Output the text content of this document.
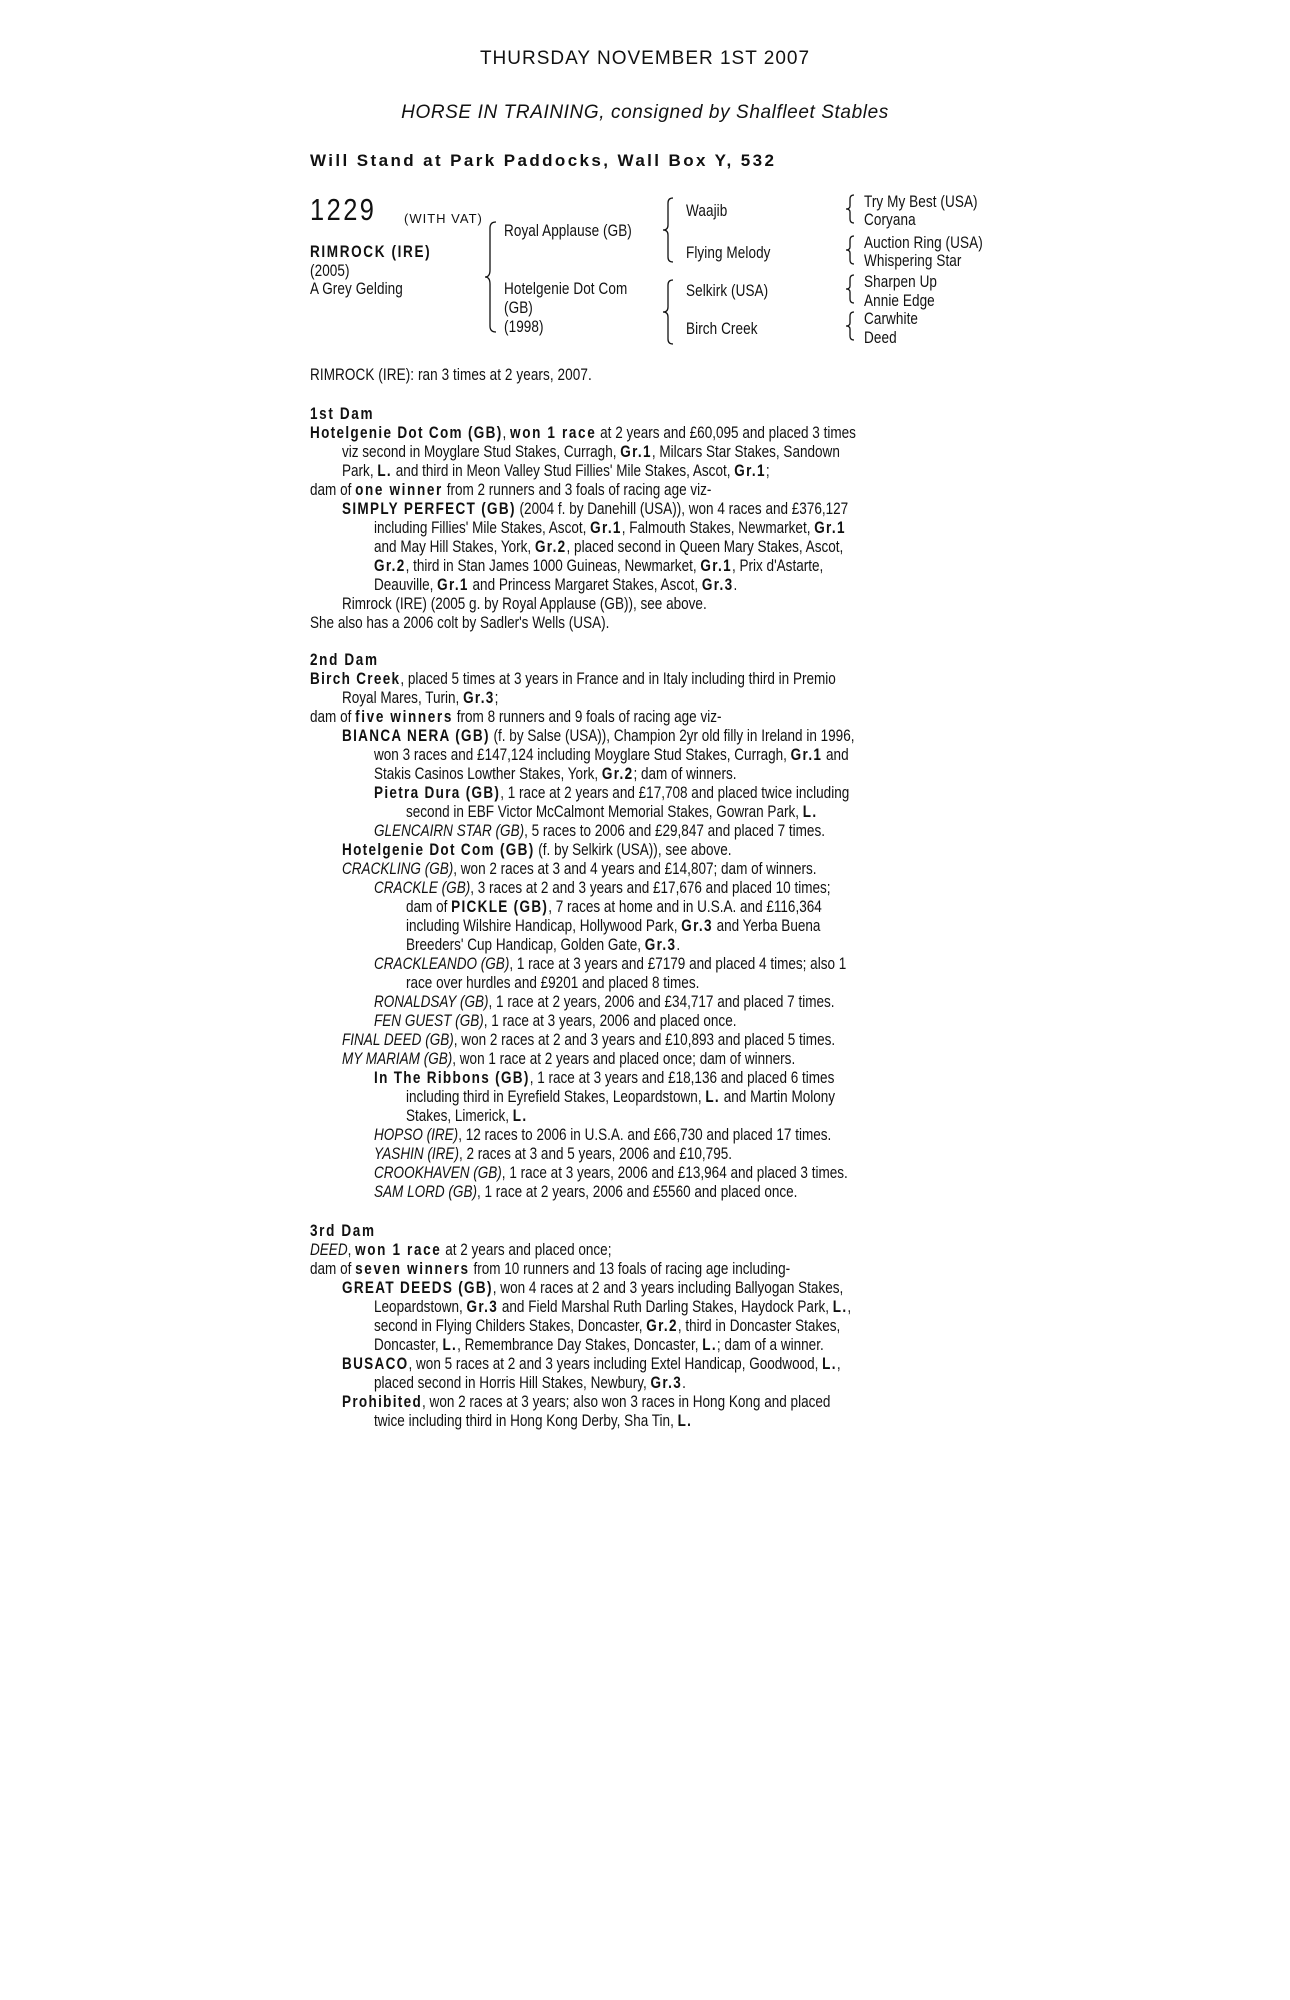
THURSDAY NOVEMBER 1ST 2007
HORSE IN TRAINING, consigned by Shalfleet Stables
Will Stand at Park Paddocks, Wall Box Y, 532
1229 (WITH VAT)
RIMROCK (IRE)
(2005)
A Grey Gelding
Royal Applause (GB)
Hotelgenie Dot Com
(GB)
(1998)
Waajib
Flying Melody
Selkirk (USA)
Birch Creek
Try My Best (USA)
Coryana
Auction Ring (USA)
Whispering Star
Sharpen Up
Annie Edge
Carwhite
Deed
RIMROCK (IRE): ran 3 times at 2 years, 2007.
1st Dam
Hotelgenie Dot Com (GB), won 1 race at 2 years and £60,095 and placed 3 times
viz second in Moyglare Stud Stakes, Curragh, Gr.1, Milcars Star Stakes, Sandown
Park, L. and third in Meon Valley Stud Fillies' Mile Stakes, Ascot, Gr.1;
dam of one winner from 2 runners and 3 foals of racing age viz-
SIMPLY PERFECT (GB) (2004 f. by Danehill (USA)), won 4 races and £376,127
including Fillies' Mile Stakes, Ascot, Gr.1, Falmouth Stakes, Newmarket, Gr.1
and May Hill Stakes, York, Gr.2, placed second in Queen Mary Stakes, Ascot,
Gr.2, third in Stan James 1000 Guineas, Newmarket, Gr.1, Prix d'Astarte,
Deauville, Gr.1 and Princess Margaret Stakes, Ascot, Gr.3.
Rimrock (IRE) (2005 g. by Royal Applause (GB)), see above.
She also has a 2006 colt by Sadler's Wells (USA).
2nd Dam
Birch Creek, placed 5 times at 3 years in France and in Italy including third in Premio
Royal Mares, Turin, Gr.3;
dam of five winners from 8 runners and 9 foals of racing age viz-
BIANCA NERA (GB) (f. by Salse (USA)), Champion 2yr old filly in Ireland in 1996,
won 3 races and £147,124 including Moyglare Stud Stakes, Curragh, Gr.1 and
Stakis Casinos Lowther Stakes, York, Gr.2; dam of winners.
Pietra Dura (GB), 1 race at 2 years and £17,708 and placed twice including
second in EBF Victor McCalmont Memorial Stakes, Gowran Park, L.
GLENCAIRN STAR (GB), 5 races to 2006 and £29,847 and placed 7 times.
Hotelgenie Dot Com (GB) (f. by Selkirk (USA)), see above.
CRACKLING (GB), won 2 races at 3 and 4 years and £14,807; dam of winners.
CRACKLE (GB), 3 races at 2 and 3 years and £17,676 and placed 10 times;
dam of PICKLE (GB), 7 races at home and in U.S.A. and £116,364
including Wilshire Handicap, Hollywood Park, Gr.3 and Yerba Buena
Breeders' Cup Handicap, Golden Gate, Gr.3.
CRACKLEANDO (GB), 1 race at 3 years and £7179 and placed 4 times; also 1
race over hurdles and £9201 and placed 8 times.
RONALDSAY (GB), 1 race at 2 years, 2006 and £34,717 and placed 7 times.
FEN GUEST (GB), 1 race at 3 years, 2006 and placed once.
FINAL DEED (GB), won 2 races at 2 and 3 years and £10,893 and placed 5 times.
MY MARIAM (GB), won 1 race at 2 years and placed once; dam of winners.
In The Ribbons (GB), 1 race at 3 years and £18,136 and placed 6 times
including third in Eyrefield Stakes, Leopardstown, L. and Martin Molony
Stakes, Limerick, L.
HOPSO (IRE), 12 races to 2006 in U.S.A. and £66,730 and placed 17 times.
YASHIN (IRE), 2 races at 3 and 5 years, 2006 and £10,795.
CROOKHAVEN (GB), 1 race at 3 years, 2006 and £13,964 and placed 3 times.
SAM LORD (GB), 1 race at 2 years, 2006 and £5560 and placed once.
3rd Dam
DEED, won 1 race at 2 years and placed once;
dam of seven winners from 10 runners and 13 foals of racing age including-
GREAT DEEDS (GB), won 4 races at 2 and 3 years including Ballyogan Stakes,
Leopardstown, Gr.3 and Field Marshal Ruth Darling Stakes, Haydock Park, L.,
second in Flying Childers Stakes, Doncaster, Gr.2, third in Doncaster Stakes,
Doncaster, L., Remembrance Day Stakes, Doncaster, L.; dam of a winner.
BUSACO, won 5 races at 2 and 3 years including Extel Handicap, Goodwood, L.,
placed second in Horris Hill Stakes, Newbury, Gr.3.
Prohibited, won 2 races at 3 years; also won 3 races in Hong Kong and placed
twice including third in Hong Kong Derby, Sha Tin, L.
